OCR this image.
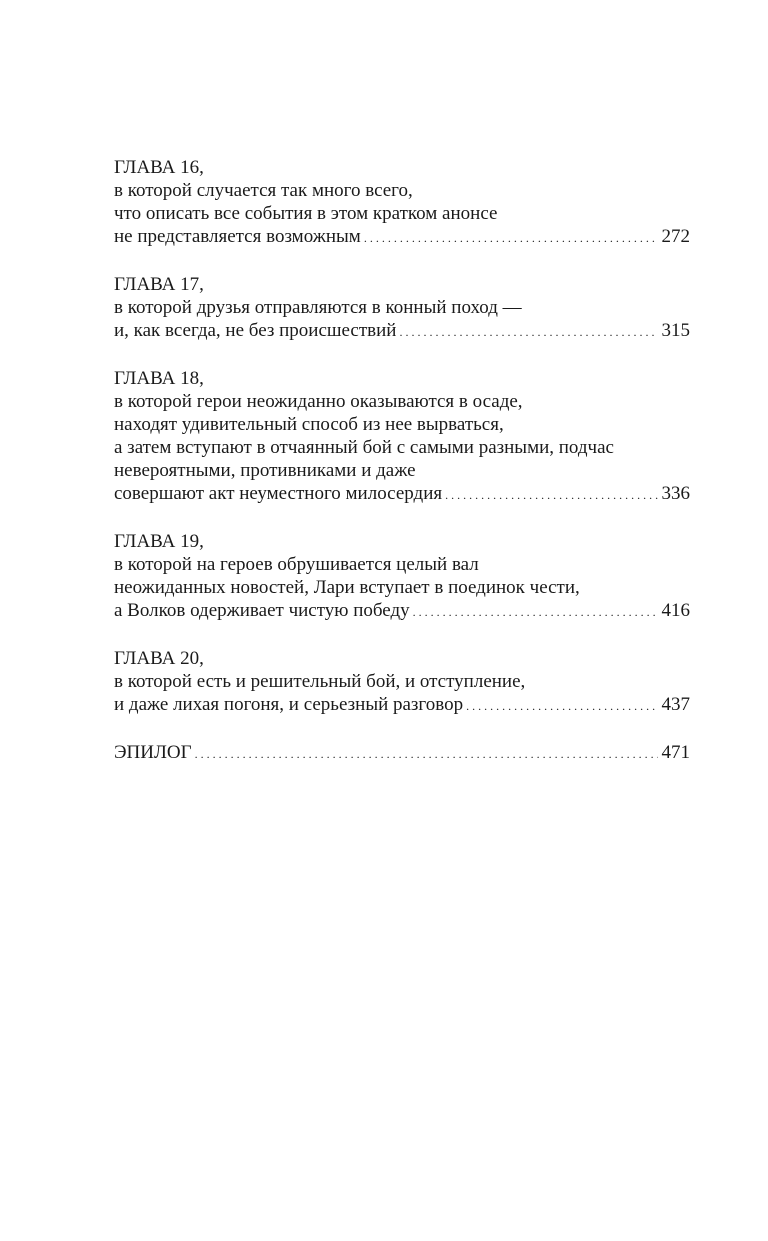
ГЛАВА 16,
в которой случается так много всего,
что описать все события в этом кратком анонсе
не представляется возможным . . .	272
ГЛАВА 17,
в которой друзья отправляются в конный поход —
и, как всегда, не без происшествий . . .	315
ГЛАВА 18,
в которой герои неожиданно оказываются в осаде,
находят удивительный способ из нее вырваться,
а затем вступают в отчаянный бой с самыми разными, подчас
невероятными, противниками и даже
совершают акт неуместного милосердия . . .	336
ГЛАВА 19,
в которой на героев обрушивается целый вал
неожиданных новостей, Лари вступает в поединок чести,
а Волков одерживает чистую победу . . .	416
ГЛАВА 20,
в которой есть и решительный бой, и отступление,
и даже лихая погоня, и серьезный разговор . . .	437
ЭПИЛОГ . . .	471
